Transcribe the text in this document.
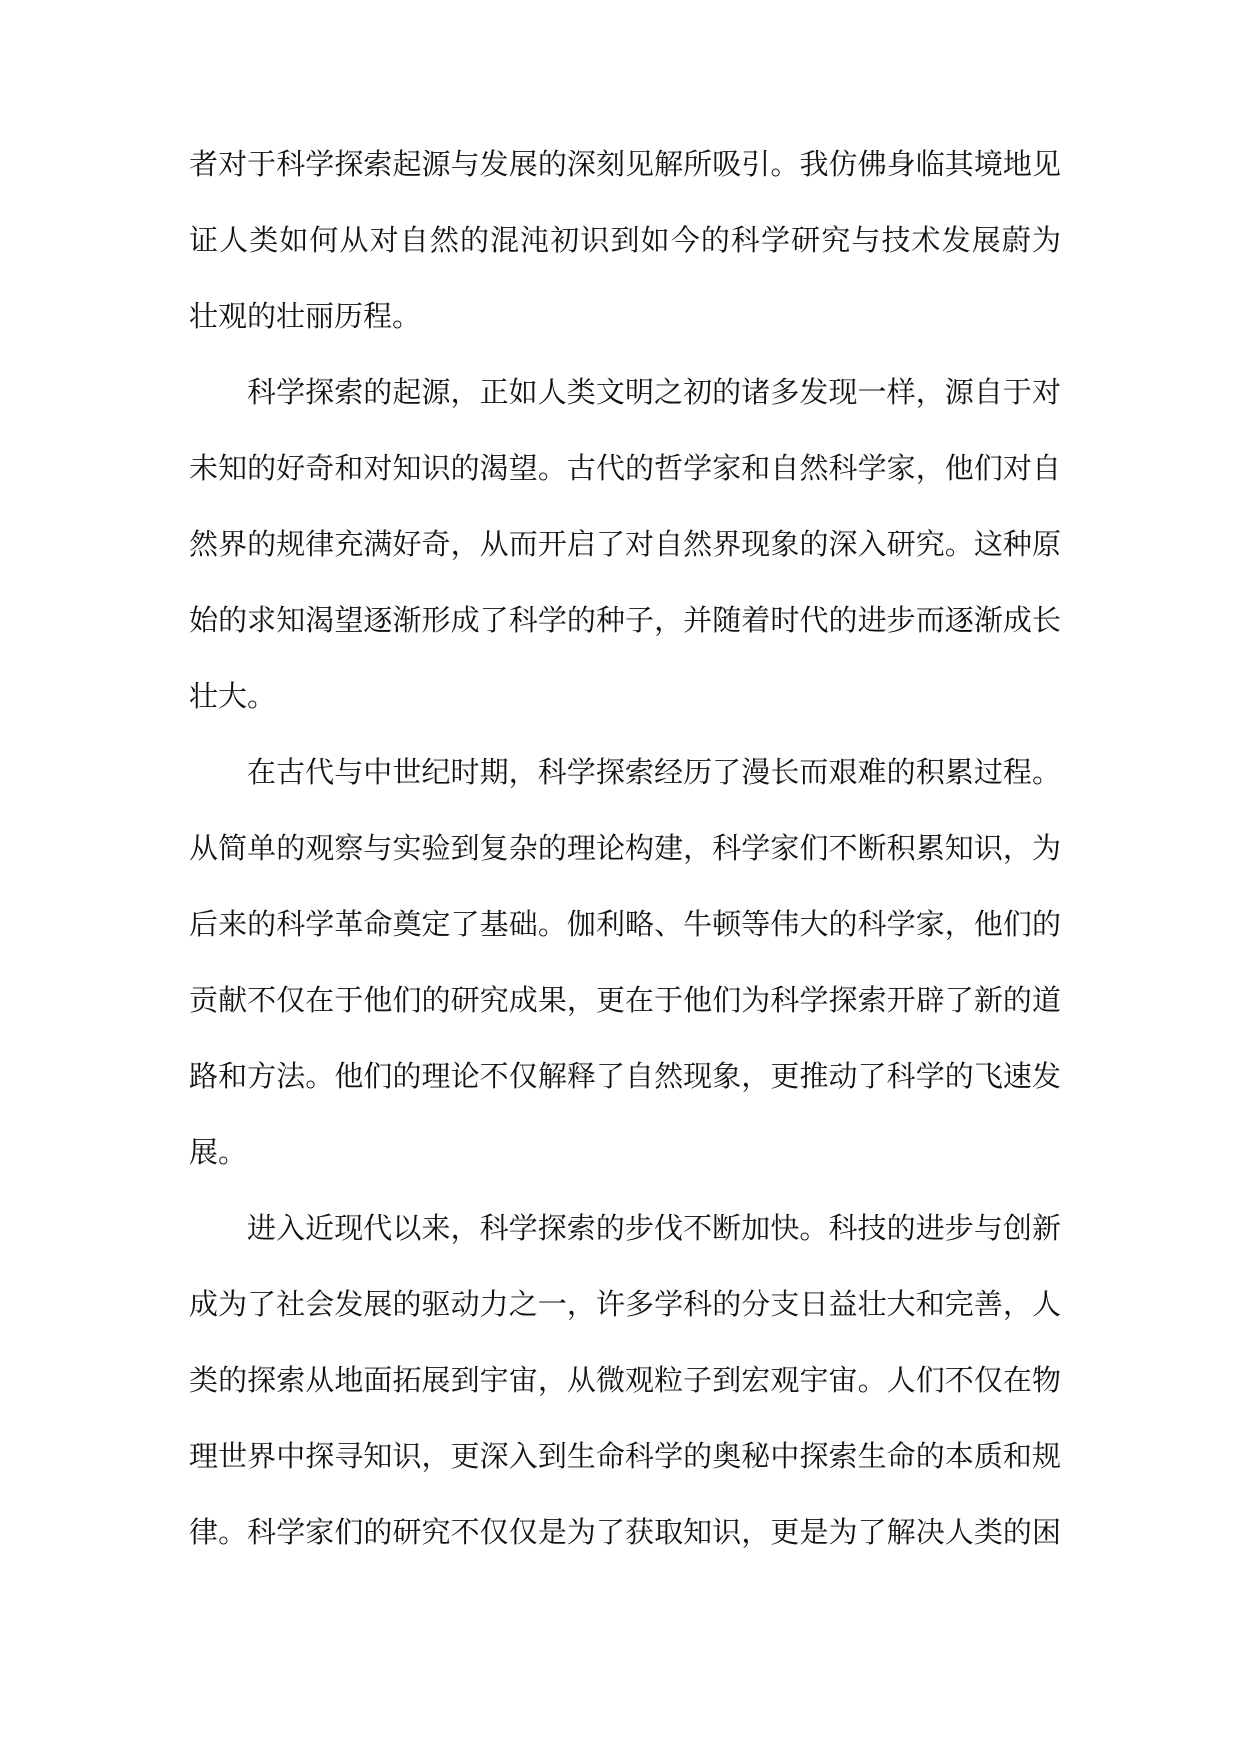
者对于科学探索起源与发展的深刻见解所吸引。我仿佛身临其境地见
证人类如何从对自然的混沌初识到如今的科学研究与技术发展蔚为
壮观的壮丽历程。
科学探索的起源，正如人类文明之初的诸多发现一样，源自于对
未知的好奇和对知识的渴望。古代的哲学家和自然科学家，他们对自
然界的规律充满好奇，从而开启了对自然界现象的深入研究。这种原
始的求知渴望逐渐形成了科学的种子，并随着时代的进步而逐渐成长
壮大。
在古代与中世纪时期，科学探索经历了漫长而艰难的积累过程。
从简单的观察与实验到复杂的理论构建，科学家们不断积累知识，为
后来的科学革命奠定了基础。伽利略、牛顿等伟大的科学家，他们的
贡献不仅在于他们的研究成果，更在于他们为科学探索开辟了新的道
路和方法。他们的理论不仅解释了自然现象，更推动了科学的飞速发
展。
进入近现代以来，科学探索的步伐不断加快。科技的进步与创新
成为了社会发展的驱动力之一，许多学科的分支日益壮大和完善，人
类的探索从地面拓展到宇宙，从微观粒子到宏观宇宙。人们不仅在物
理世界中探寻知识，更深入到生命科学的奥秘中探索生命的本质和规
律。科学家们的研究不仅仅是为了获取知识，更是为了解决人类的困
